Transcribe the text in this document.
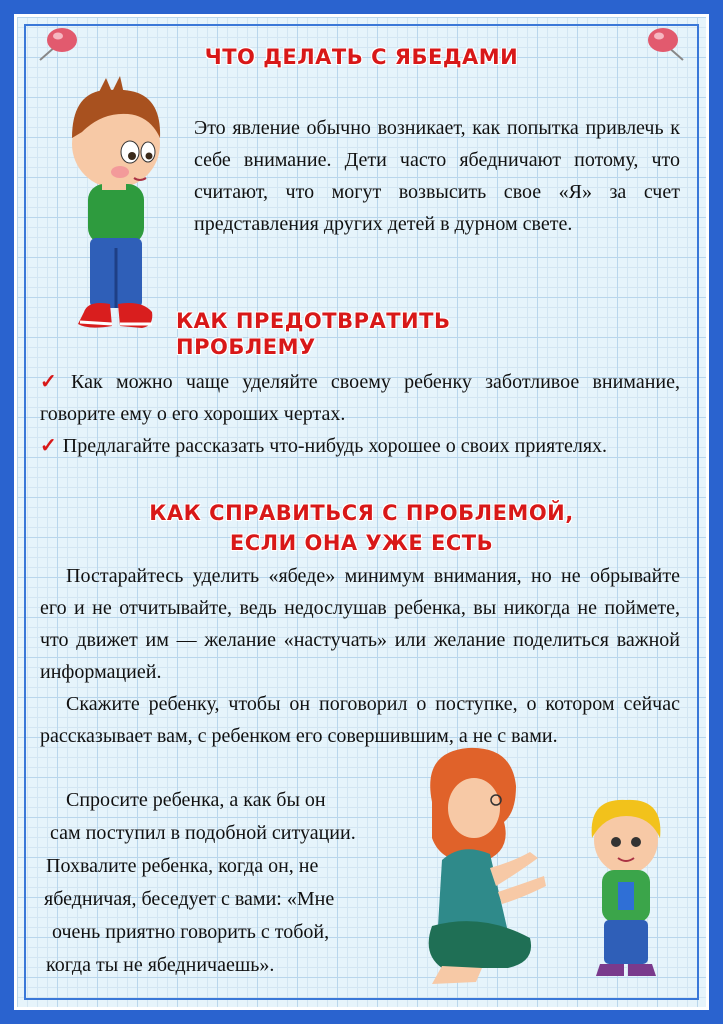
ЧТО ДЕЛАТЬ С ЯБЕДАМИ
Это явление обычно возникает, как попытка привлечь к себе внимание. Дети часто ябедничают потому, что считают, что могут возвысить свое «Я» за счет представления других детей в дурном свете.
КАК ПРЕДОТВРАТИТЬ ПРОБЛЕМУ
✓ Как можно чаще уделяйте своему ребенку заботливое внимание, говорите ему о его хороших чертах.
✓ Предлагайте рассказать что-нибудь хорошее о своих приятелях.
КАК СПРАВИТЬСЯ С ПРОБЛЕМОЙ,
ЕСЛИ ОНА УЖЕ ЕСТЬ

Постарайтесь уделить «ябеде» минимум внимания, но не обрывайте его и не отчитывайте, ведь недослушав ребенка, вы никогда не поймете, что движет им — желание «настучать» или желание поделиться важной информацией.

Скажите ребенку, чтобы он поговорил о поступке, о котором сейчас рассказывает вам, с ребенком его совершившим, а не с вами.

Спросите ребенка, а как бы он
сам поступил в подобной ситуации.
Похвалите ребенка, когда он, не
ябедничая, беседует с вами: «Мне
очень приятно говорить с тобой,
когда ты не ябедничаешь».
